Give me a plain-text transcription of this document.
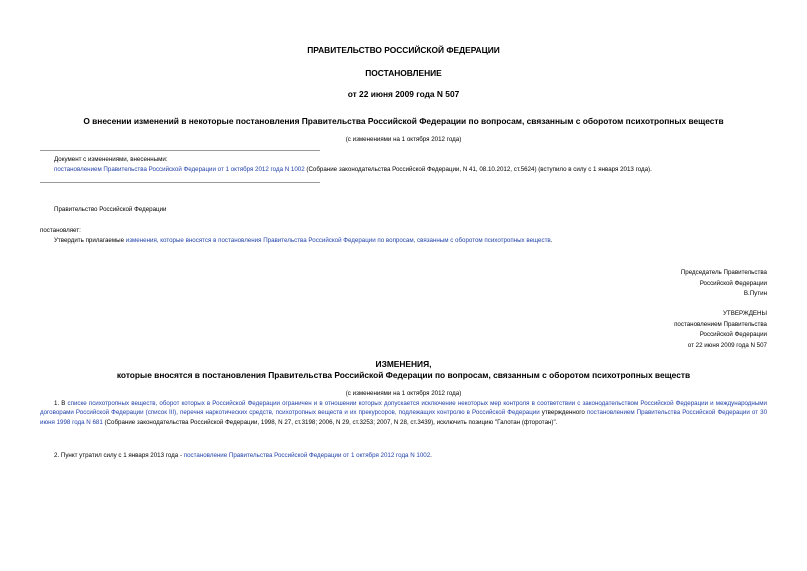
ПРАВИТЕЛЬСТВО РОССИЙСКОЙ ФЕДЕРАЦИИ
ПОСТАНОВЛЕНИЕ
от 22 июня 2009 года N 507
О внесении изменений в некоторые постановления Правительства Российской Федерации по вопросам, связанным с оборотом психотропных веществ
(с изменениями на 1 октября 2012 года)
Документ с изменениями, внесенными:
постановлением Правительства Российской Федерации от 1 октября 2012 года N 1002 (Собрание законодательства Российской Федерации, N 41, 08.10.2012, ст.5624) (вступило в силу с 1 января 2013 года).
Правительство Российской Федерации
постановляет:
Утвердить прилагаемые изменения, которые вносятся в постановления Правительства Российской Федерации по вопросам, связанным с оборотом психотропных веществ.
Председатель Правительства
Российской Федерации
В.Путин
УТВЕРЖДЕНЫ
постановлением Правительства
Российской Федерации
от 22 июня 2009 года N 507
ИЗМЕНЕНИЯ,
которые вносятся в постановления Правительства Российской Федерации по вопросам, связанным с оборотом психотропных веществ
(с изменениями на 1 октября 2012 года)
1. В списке психотропных веществ, оборот которых в Российской Федерации ограничен и в отношении которых допускается исключение некоторых мер контроля в соответствии с законодательством Российской Федерации и международными договорами Российской Федерации (список III), перечня наркотических средств, психотропных веществ и их прекурсоров, подлежащих контролю в Российской Федерации утвержденного постановлением Правительства Российской Федерации от 30 июня 1998 года N 681 (Собрание законодательства Российской Федерации, 1998, N 27, ст.3198; 2006, N 29, ст.3253; 2007, N 28, ст.3439), исключить позицию "Галотан (фторотан)".
2. Пункт утратил силу с 1 января 2013 года - постановление Правительства Российской Федерации от 1 октября 2012 года N 1002.
